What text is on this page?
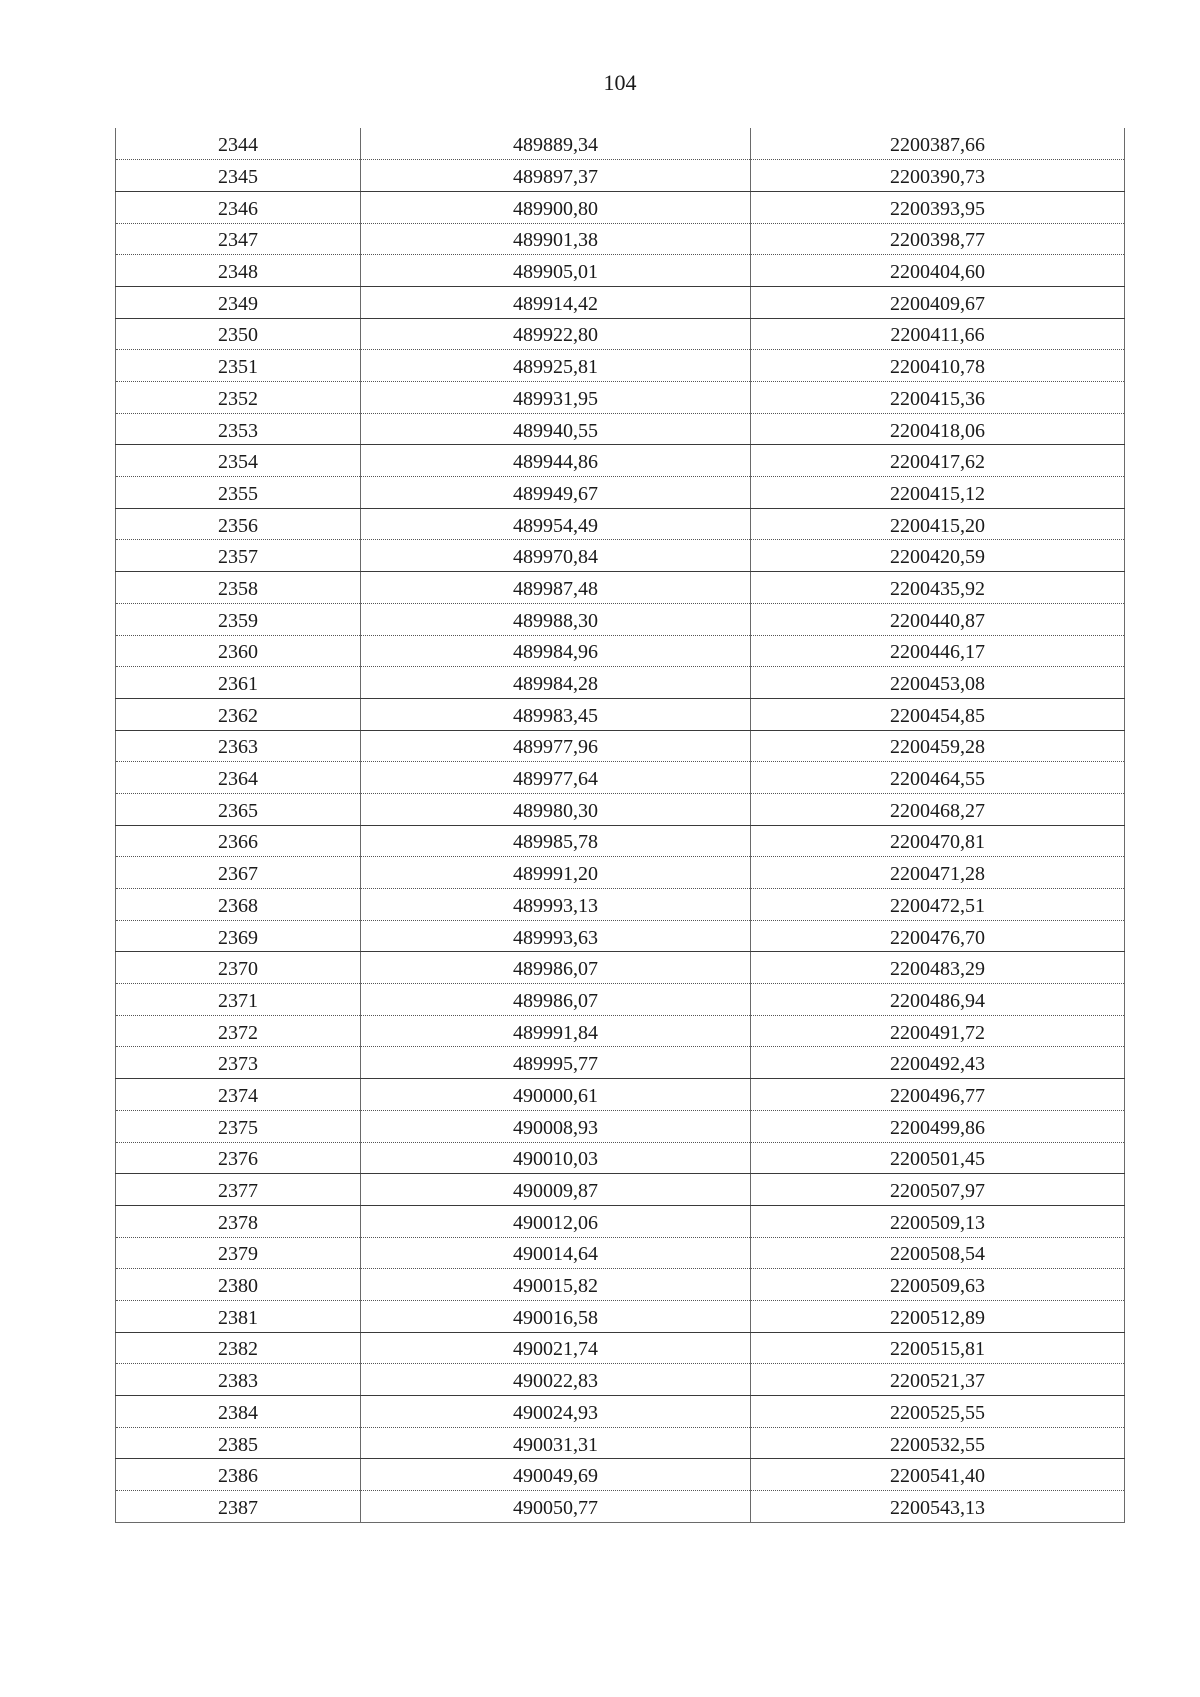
104
2344	489889,34	2200387,66
2345	489897,37	2200390,73
2346	489900,80	2200393,95
2347	489901,38	2200398,77
2348	489905,01	2200404,60
2349	489914,42	2200409,67
2350	489922,80	2200411,66
2351	489925,81	2200410,78
2352	489931,95	2200415,36
2353	489940,55	2200418,06
2354	489944,86	2200417,62
2355	489949,67	2200415,12
2356	489954,49	2200415,20
2357	489970,84	2200420,59
2358	489987,48	2200435,92
2359	489988,30	2200440,87
2360	489984,96	2200446,17
2361	489984,28	2200453,08
2362	489983,45	2200454,85
2363	489977,96	2200459,28
2364	489977,64	2200464,55
2365	489980,30	2200468,27
2366	489985,78	2200470,81
2367	489991,20	2200471,28
2368	489993,13	2200472,51
2369	489993,63	2200476,70
2370	489986,07	2200483,29
2371	489986,07	2200486,94
2372	489991,84	2200491,72
2373	489995,77	2200492,43
2374	490000,61	2200496,77
2375	490008,93	2200499,86
2376	490010,03	2200501,45
2377	490009,87	2200507,97
2378	490012,06	2200509,13
2379	490014,64	2200508,54
2380	490015,82	2200509,63
2381	490016,58	2200512,89
2382	490021,74	2200515,81
2383	490022,83	2200521,37
2384	490024,93	2200525,55
2385	490031,31	2200532,55
2386	490049,69	2200541,40
2387	490050,77	2200543,13
